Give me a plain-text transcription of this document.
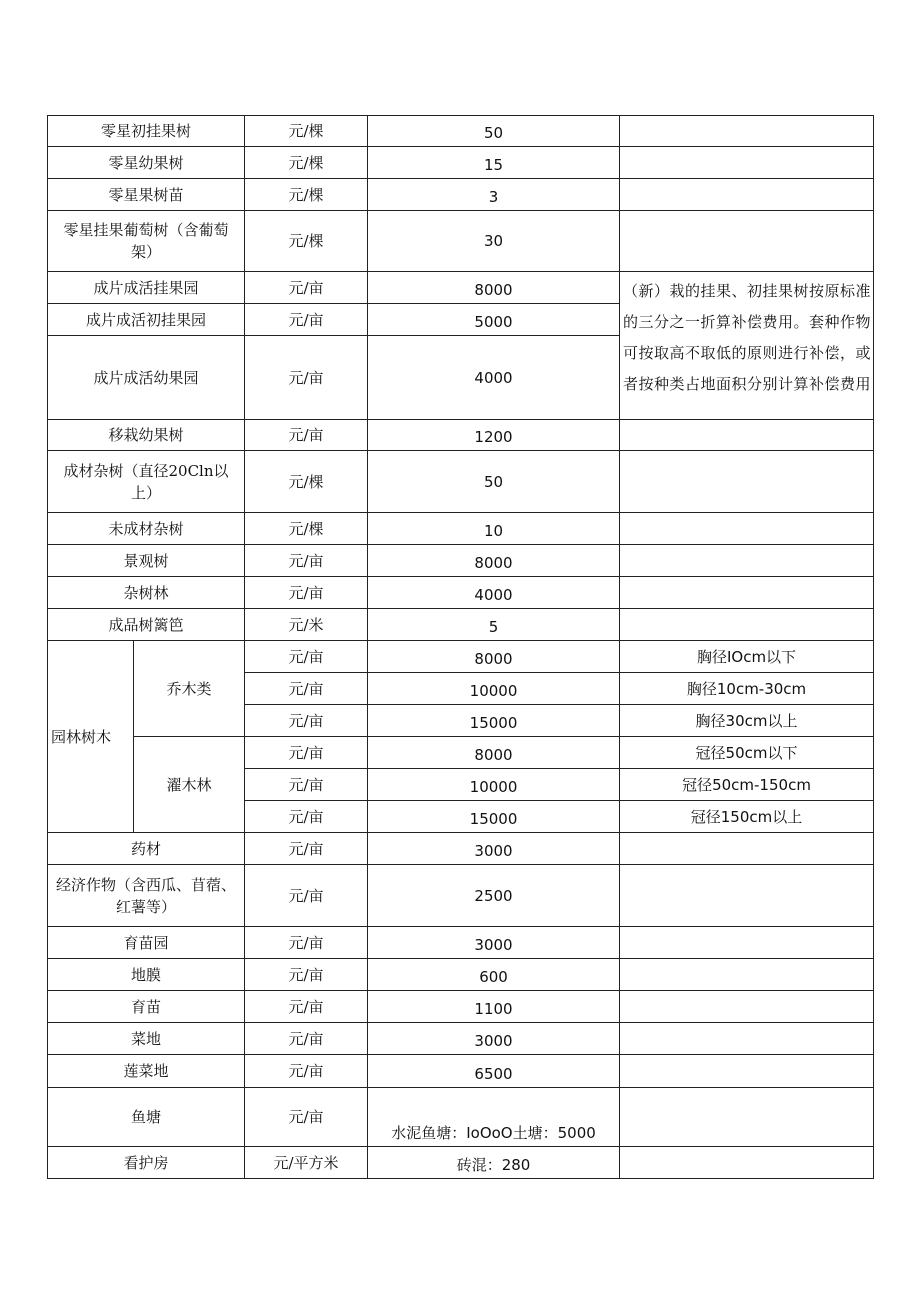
零星初挂果树		元/棵	50	
零星幼果树		元/棵	15	
零星果树苗		元/棵	3	

零星挂果葡萄树（含葡萄架）		元/棵	30	
成片成活挂果园		元/亩	8000	（新）栽的挂果、初挂果树按原标准的三分之一折算补偿费用。套种作物可按取高不取低的原则进行补偿，或者按种类占地面积分别计算补偿费用
成片成活初挂果园		元/亩	5000	
成片成活幼果园		元/亩	4000	
移栽幼果树		元/亩	1200	

成材杂树（直径20Cln以上）		元/棵	50	
未成材杂树		元/棵	10	
景观树		元/亩	8000	
杂树林		元/亩	4000	
成品树篱笆		元/米	5	
园林树木	乔木类	元/亩	8000	胸径IOcm以下
		元/亩	10000	胸径10cm-30cm
		元/亩	15000	胸径30cm以上
	濯木林	元/亩	8000	冠径50cm以下
		元/亩	10000	冠径50cm-150cm
		元/亩	15000	冠径150cm以上
药材		元/亩	3000	

经济作物（含西瓜、苜蓿、红薯等）		元/亩	2500	
育苗园		元/亩	3000	
地膜		元/亩	600	
育苗		元/亩	1100	
菜地		元/亩	3000	
莲菜地		元/亩	6500	
鱼塘		元/亩	水泥鱼塘：IoOoO土塘：5000	
看护房		元/平方米	砖混：280	
